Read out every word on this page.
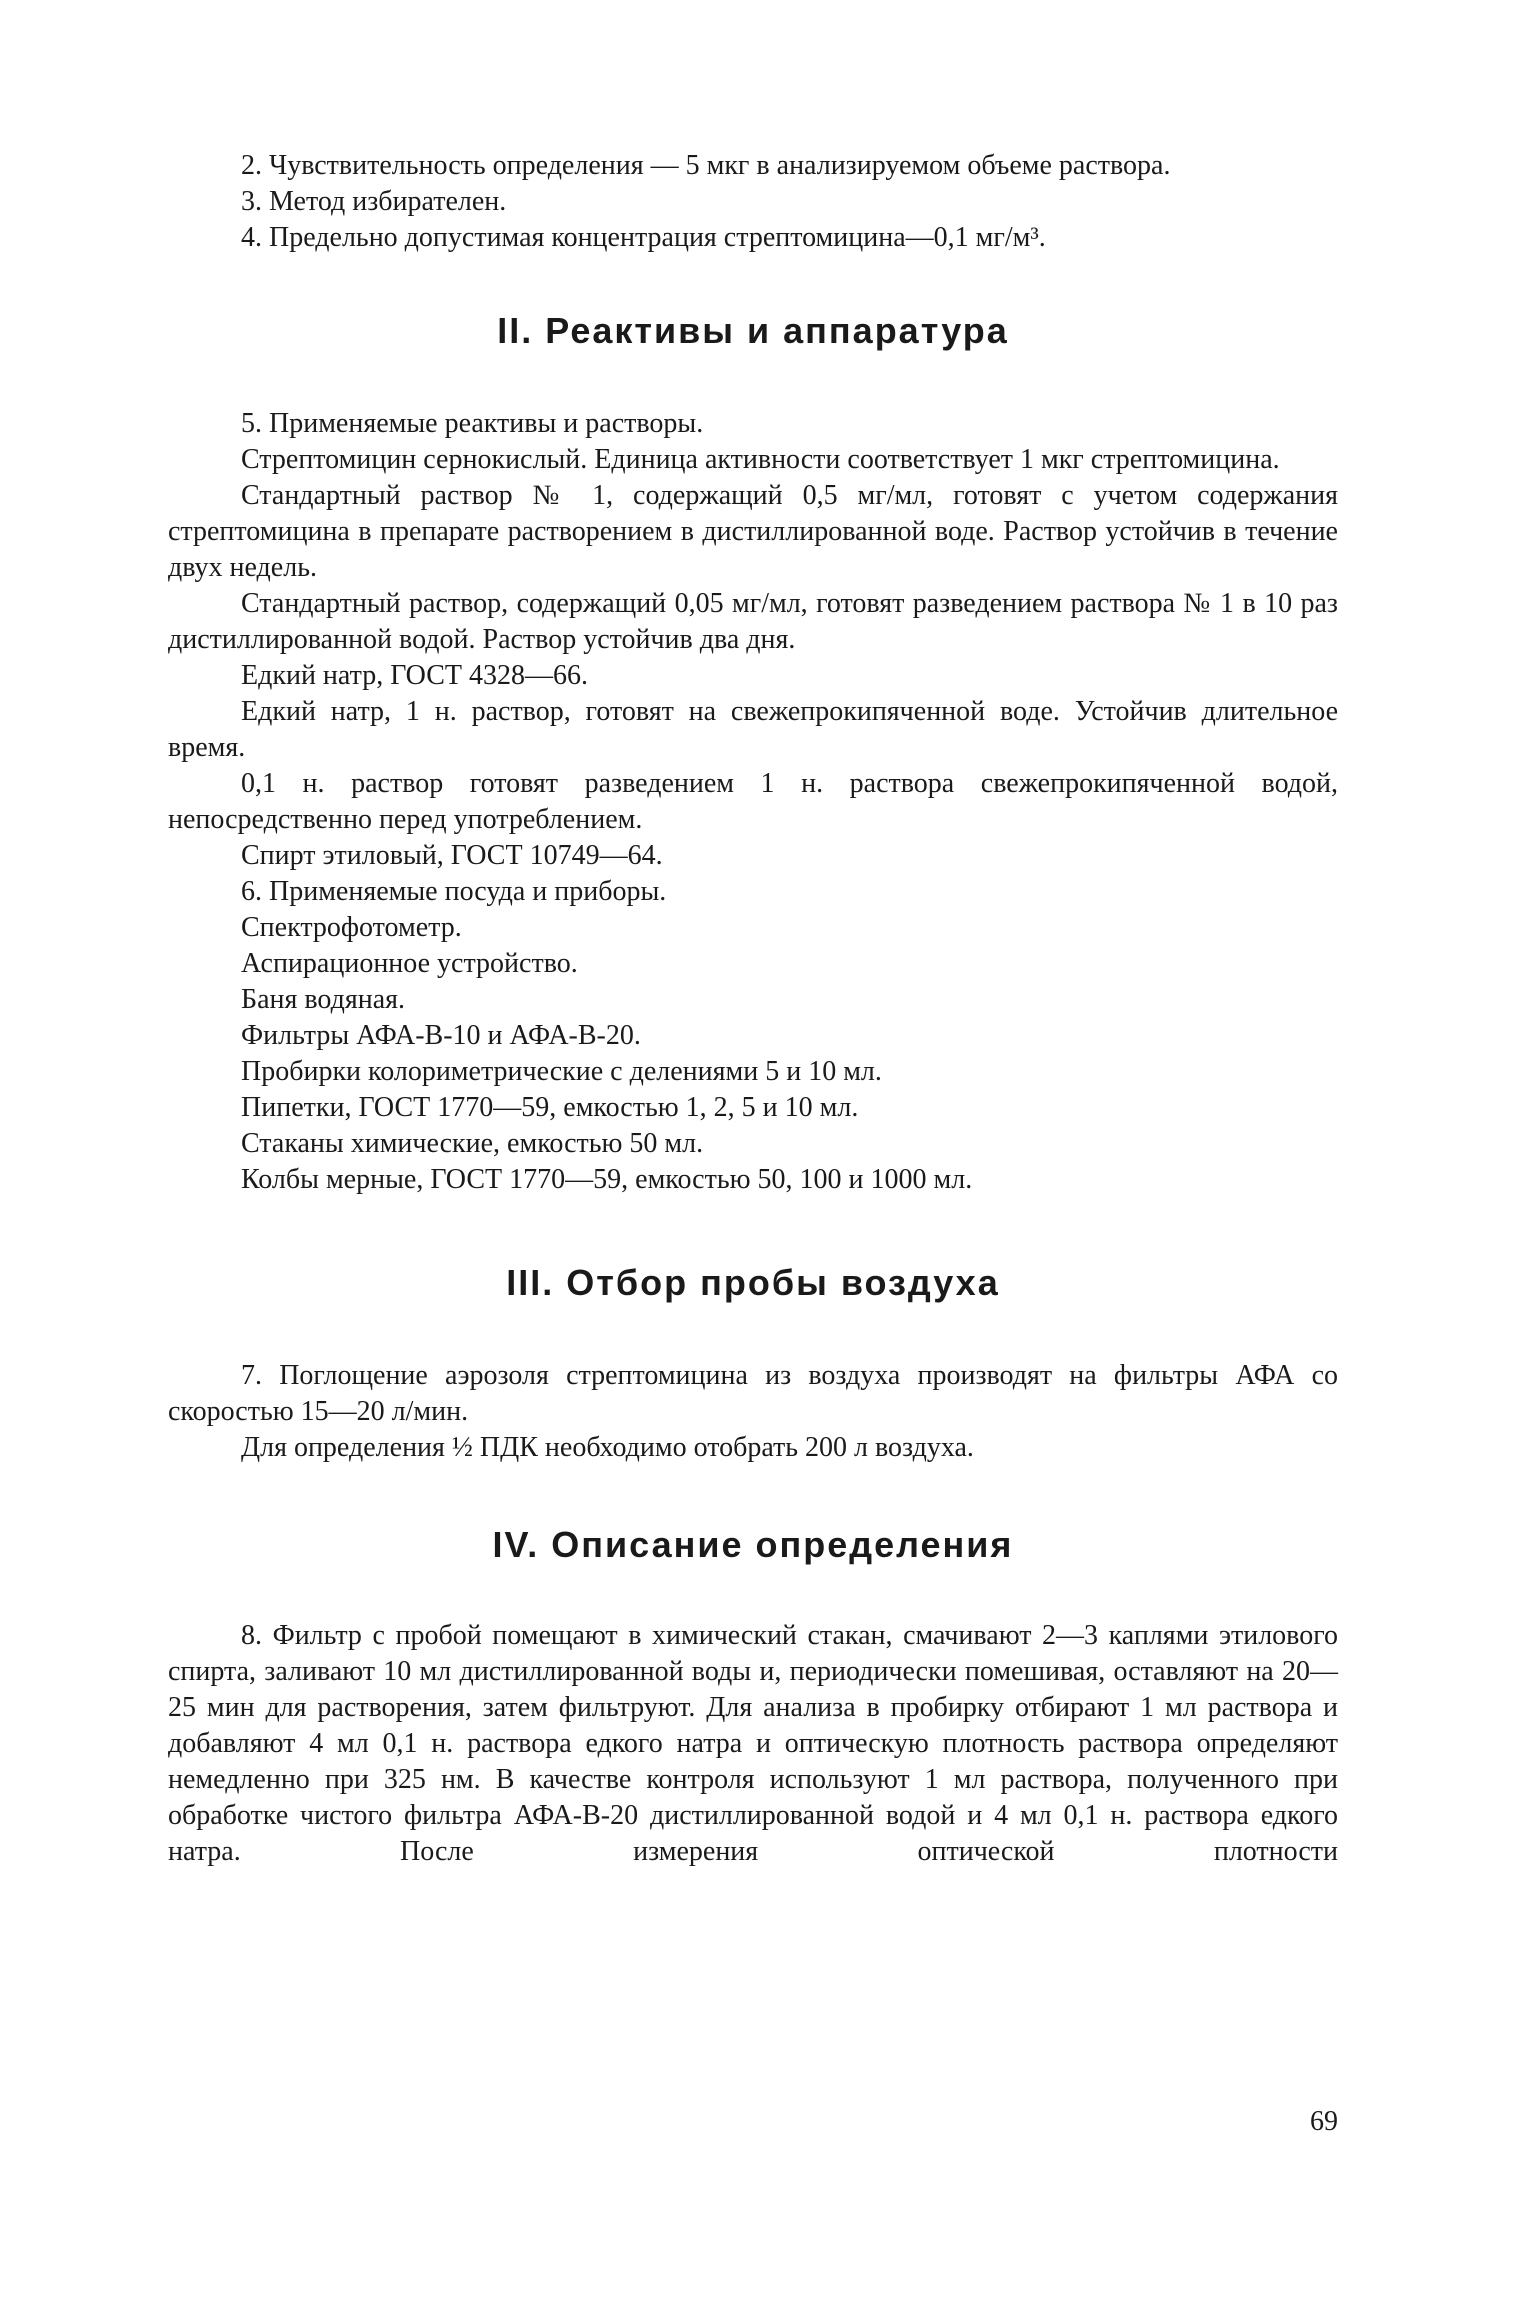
2. Чувствительность определения — 5 мкг в анализируемом объеме раствора.

3. Метод избирателен.

4. Предельно допустимая концентрация стрептомицина—0,1 мг/м³.

II. Реактивы и аппаратура

5. Применяемые реактивы и растворы.

Стрептомицин сернокислый. Единица активности соответствует 1 мкг стрептомицина.

Стандартный раствор № 1, содержащий 0,5 мг/мл, готовят с учетом содержания стрептомицина в препарате растворением в дистиллированной воде. Раствор устойчив в течение двух недель.

Стандартный раствор, содержащий 0,05 мг/мл, готовят разведением раствора № 1 в 10 раз дистиллированной водой. Раствор устойчив два дня.

Едкий натр, ГОСТ 4328—66.

Едкий натр, 1 н. раствор, готовят на свежепрокипяченной воде. Устойчив длительное время.

0,1 н. раствор готовят разведением 1 н. раствора свежепрокипяченной водой, непосредственно перед употреблением.

Спирт этиловый, ГОСТ 10749—64.

6. Применяемые посуда и приборы.

Спектрофотометр.

Аспирационное устройство.

Баня водяная.

Фильтры АФА-В-10 и АФА-В-20.

Пробирки колориметрические с делениями 5 и 10 мл.

Пипетки, ГОСТ 1770—59, емкостью 1, 2, 5 и 10 мл.

Стаканы химические, емкостью 50 мл.

Колбы мерные, ГОСТ 1770—59, емкостью 50, 100 и 1000 мл.

III. Отбор пробы воздуха

7. Поглощение аэрозоля стрептомицина из воздуха производят на фильтры АФА со скоростью 15—20 л/мин.

Для определения ½ ПДК необходимо отобрать 200 л воздуха.

IV. Описание определения

8. Фильтр с пробой помещают в химический стакан, смачивают 2—3 каплями этилового спирта, заливают 10 мл дистиллированной воды и, периодически помешивая, оставляют на 20—25 мин для растворения, затем фильтруют. Для анализа в пробирку отбирают 1 мл раствора и добавляют 4 мл 0,1 н. раствора едкого натра и оптическую плотность раствора определяют немедленно при 325 нм. В качестве контроля используют 1 мл раствора, полученного при обработке чистого фильтра АФА-В-20 дистиллированной водой и 4 мл 0,1 н. раствора едкого натра. После измерения оптической плотности

69
